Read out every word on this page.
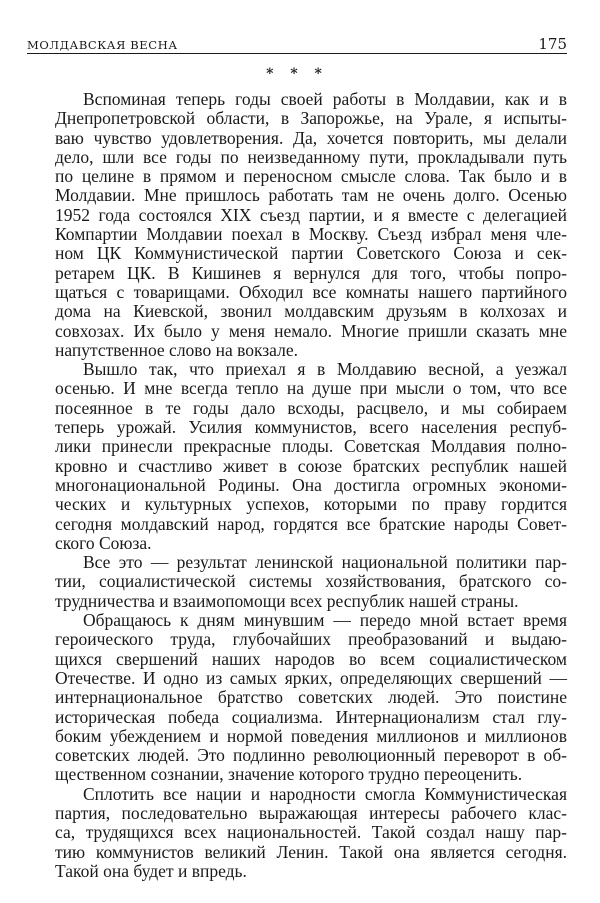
МОЛДАВСКАЯ ВЕСНА	175
* * *

Вспоминая теперь годы своей работы в Молдавии, как и в
Днепропетровской области, в Запорожье, на Урале, я испыты-
ваю чувство удовлетворения. Да, хочется повторить, мы делали
дело, шли все годы по неизведанному пути, прокладывали путь
по целине в прямом и переносном смысле слова. Так было и в
Молдавии. Мне пришлось работать там не очень долго. Осенью
1952 года состоялся XIX съезд партии, и я вместе с делегацией
Компартии Молдавии поехал в Москву. Съезд избрал меня чле-
ном ЦК Коммунистической партии Советского Союза и сек-
ретарем ЦК. В Кишинев я вернулся для того, чтобы попро-
щаться с товарищами. Обходил все комнаты нашего партийного
дома на Киевской, звонил молдавским друзьям в колхозах и
совхозах. Их было у меня немало. Многие пришли сказать мне
напутственное слово на вокзале.

Вышло так, что приехал я в Молдавию весной, а уезжал
осенью. И мне всегда тепло на душе при мысли о том, что все
посеянное в те годы дало всходы, расцвело, и мы собираем
теперь урожай. Усилия коммунистов, всего населения респуб-
лики принесли прекрасные плоды. Советская Молдавия полно-
кровно и счастливо живет в союзе братских республик нашей
многонациональной Родины. Она достигла огромных экономи-
ческих и культурных успехов, которыми по праву гордится
сегодня молдавский народ, гордятся все братские народы Совет-
ского Союза.

Все это — результат ленинской национальной политики пар-
тии, социалистической системы хозяйствования, братского со-
трудничества и взаимопомощи всех республик нашей страны.

Обращаюсь к дням минувшим — передо мной встает время
героического труда, глубочайших преобразований и выдаю-
щихся свершений наших народов во всем социалистическом
Отечестве. И одно из самых ярких, определяющих свершений —
интернациональное братство советских людей. Это поистине
историческая победа социализма. Интернационализм стал глу-
боким убеждением и нормой поведения миллионов и миллионов
советских людей. Это подлинно революционный переворот в об-
щественном сознании, значение которого трудно переоценить.

Сплотить все нации и народности смогла Коммунистическая
партия, последовательно выражающая интересы рабочего клас-
са, трудящихся всех национальностей. Такой создал нашу пар-
тию коммунистов великий Ленин. Такой она является сегодня.
Такой она будет и впредь.
